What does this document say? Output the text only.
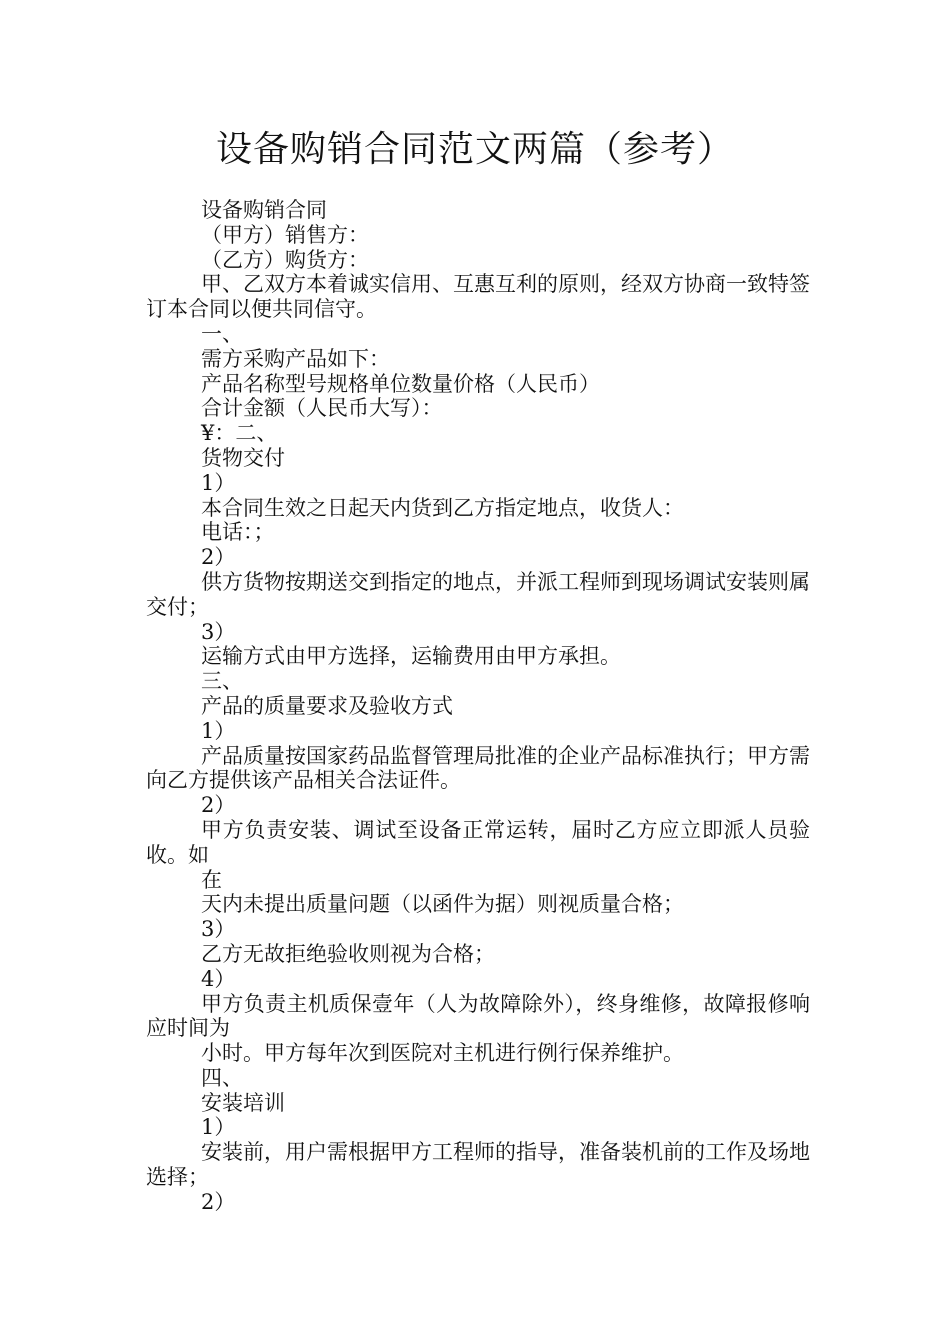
设备购销合同范文两篇（参考）

设备购销合同

（甲方）销售方：

（乙方）购货方：

甲、乙双方本着诚实信用、互惠互利的原则，经双方协商一致特签订本合同以便共同信守。

一、

需方采购产品如下：

产品名称型号规格单位数量价格（人民币）

合计金额（人民币大写）：

¥：二、

货物交付

1）

本合同生效之日起天内货到乙方指定地点，收货人：

电话：；

2）

供方货物按期送交到指定的地点，并派工程师到现场调试安装则属交付；

3）

运输方式由甲方选择，运输费用由甲方承担。

三、

产品的质量要求及验收方式

1）

产品质量按国家药品监督管理局批准的企业产品标准执行；甲方需向乙方提供该产品相关合法证件。

2）

甲方负责安装、调试至设备正常运转，届时乙方应立即派人员验收。如

在

天内未提出质量问题（以函件为据）则视质量合格；

3）

乙方无故拒绝验收则视为合格；

4）

甲方负责主机质保壹年（人为故障除外），终身维修，故障报修响应时间为

小时。甲方每年次到医院对主机进行例行保养维护。

四、

安装培训

1）

安装前，用户需根据甲方工程师的指导，准备装机前的工作及场地选择；

2）
